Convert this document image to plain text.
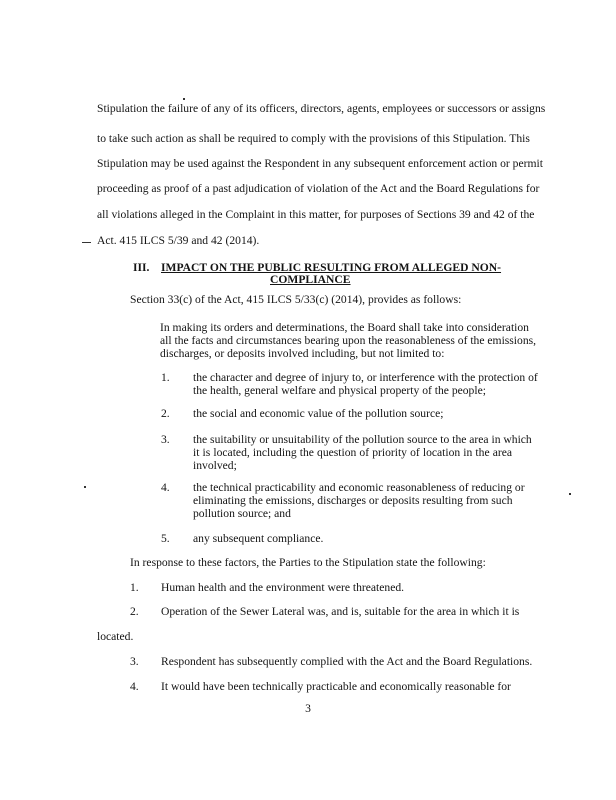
Stipulation the failure of any of its officers, directors, agents, employees or successors or assigns

to take such action as shall be required to comply with the provisions of this Stipulation. This

Stipulation may be used against the Respondent in any subsequent enforcement action or permit

proceeding as proof of a past adjudication of violation of the Act and the Board Regulations for

all violations alleged in the Complaint in this matter, for purposes of Sections 39 and 42 of the

Act. 415 ILCS 5/39 and 42 (2014).

III. IMPACT ON THE PUBLIC RESULTING FROM ALLEGED NON-

COMPLIANCE

Section 33(c) of the Act, 415 ILCS 5/33(c) (2014), provides as follows:

In making its orders and determinations, the Board shall take into consideration

all the facts and circumstances bearing upon the reasonableness of the emissions,

discharges, or deposits involved including, but not limited to:

1. the character and degree of injury to, or interference with the protection of

the health, general welfare and physical property of the people;

2. the social and economic value of the pollution source;

3. the suitability or unsuitability of the pollution source to the area in which

it is located, including the question of priority of location in the area

involved;

4. the technical practicability and economic reasonableness of reducing or

eliminating the emissions, discharges or deposits resulting from such

pollution source; and

5. any subsequent compliance.

In response to these factors, the Parties to the Stipulation state the following:

1. Human health and the environment were threatened.

2. Operation of the Sewer Lateral was, and is, suitable for the area in which it is

located.

3. Respondent has subsequently complied with the Act and the Board Regulations.

4. It would have been technically practicable and economically reasonable for

3
